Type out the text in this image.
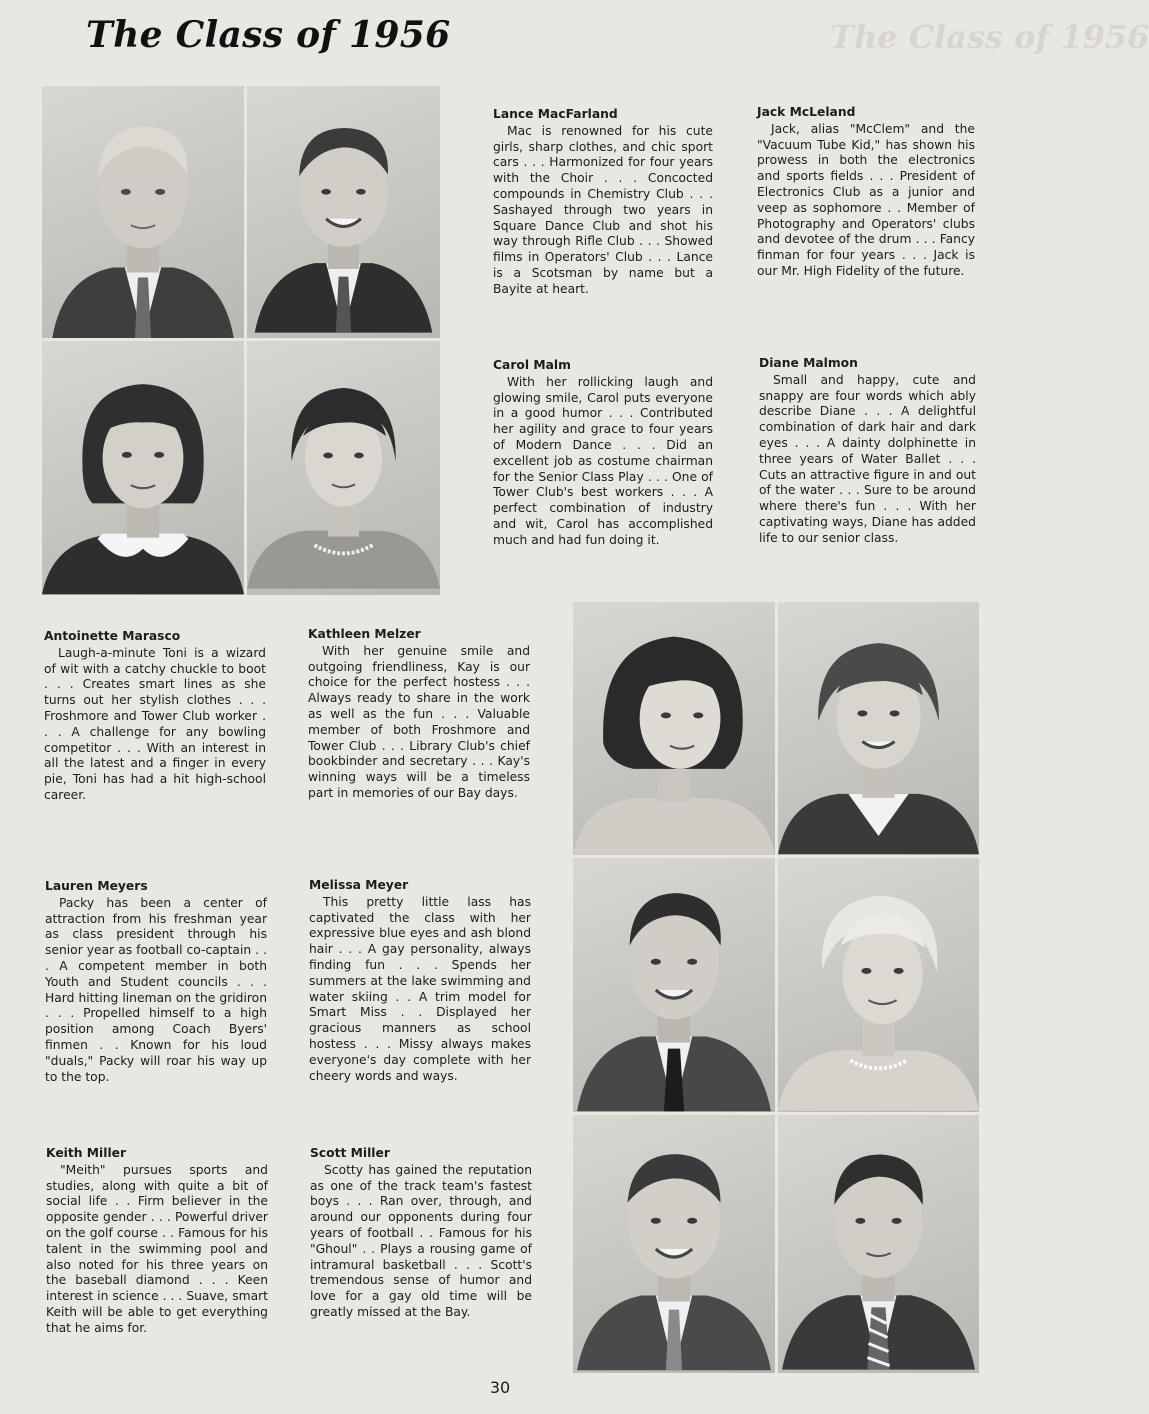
The Class of 1956	The Class of 1956
Lance MacFarland
Mac is renowned for his cute girls, sharp clothes, and chic sport cars . . . Harmonized for four years with the Choir . . . Concocted compounds in Chemistry Club . . . Sashayed through two years in Square Dance Club and shot his way through Rifle Club . . . Showed films in Operators' Club . . . Lance is a Scotsman by name but a Bayite at heart.
Jack McLeland
Jack, alias "McClem" and the "Vacuum Tube Kid," has shown his prowess in both the electronics and sports fields . . . President of Electronics Club as a junior and veep as sophomore . . Member of Photography and Operators' clubs and devotee of the drum . . . Fancy finman for four years . . . Jack is our Mr. High Fidelity of the future.
Carol Malm
With her rollicking laugh and glowing smile, Carol puts everyone in a good humor . . . Contributed her agility and grace to four years of Modern Dance . . . Did an excellent job as costume chairman for the Senior Class Play . . . One of Tower Club's best workers . . . A perfect combination of industry and wit, Carol has accomplished much and had fun doing it.
Diane Malmon
Small and happy, cute and snappy are four words which ably describe Diane . . . A delightful combination of dark hair and dark eyes . . . A dainty dolphinette in three years of Water Ballet . . . Cuts an attractive figure in and out of the water . . . Sure to be around where there's fun . . . With her captivating ways, Diane has added life to our senior class.
Antoinette Marasco
Laugh-a-minute Toni is a wizard of wit with a catchy chuckle to boot . . . Creates smart lines as she turns out her stylish clothes . . . Froshmore and Tower Club worker . . . A challenge for any bowling competitor . . . With an interest in all the latest and a finger in every pie, Toni has had a hit high-school career.
Kathleen Melzer
With her genuine smile and outgoing friendliness, Kay is our choice for the perfect hostess . . . Always ready to share in the work as well as the fun . . . Valuable member of both Froshmore and Tower Club . . . Library Club's chief bookbinder and secretary . . . Kay's winning ways will be a timeless part in memories of our Bay days.
Lauren Meyers
Packy has been a center of attraction from his freshman year as class president through his senior year as football co-captain . . . A competent member in both Youth and Student councils . . . Hard hitting lineman on the gridiron . . . Propelled himself to a high position among Coach Byers' finmen . . Known for his loud "duals," Packy will roar his way up to the top.
Melissa Meyer
This pretty little lass has captivated the class with her expressive blue eyes and ash blond hair . . . A gay personality, always finding fun . . . Spends her summers at the lake swimming and water skiing . . A trim model for Smart Miss . . Displayed her gracious manners as school hostess . . . Missy always makes everyone's day complete with her cheery words and ways.
Keith Miller
"Meith" pursues sports and studies, along with quite a bit of social life . . Firm believer in the opposite gender . . . Powerful driver on the golf course . . Famous for his talent in the swimming pool and also noted for his three years on the baseball diamond . . . Keen interest in science . . . Suave, smart Keith will be able to get everything that he aims for.
Scott Miller
Scotty has gained the reputation as one of the track team's fastest boys . . . Ran over, through, and around our opponents during four years of football . . Famous for his "Ghoul" . . Plays a rousing game of intramural basketball . . . Scott's tremendous sense of humor and love for a gay old time will be greatly missed at the Bay.
30
